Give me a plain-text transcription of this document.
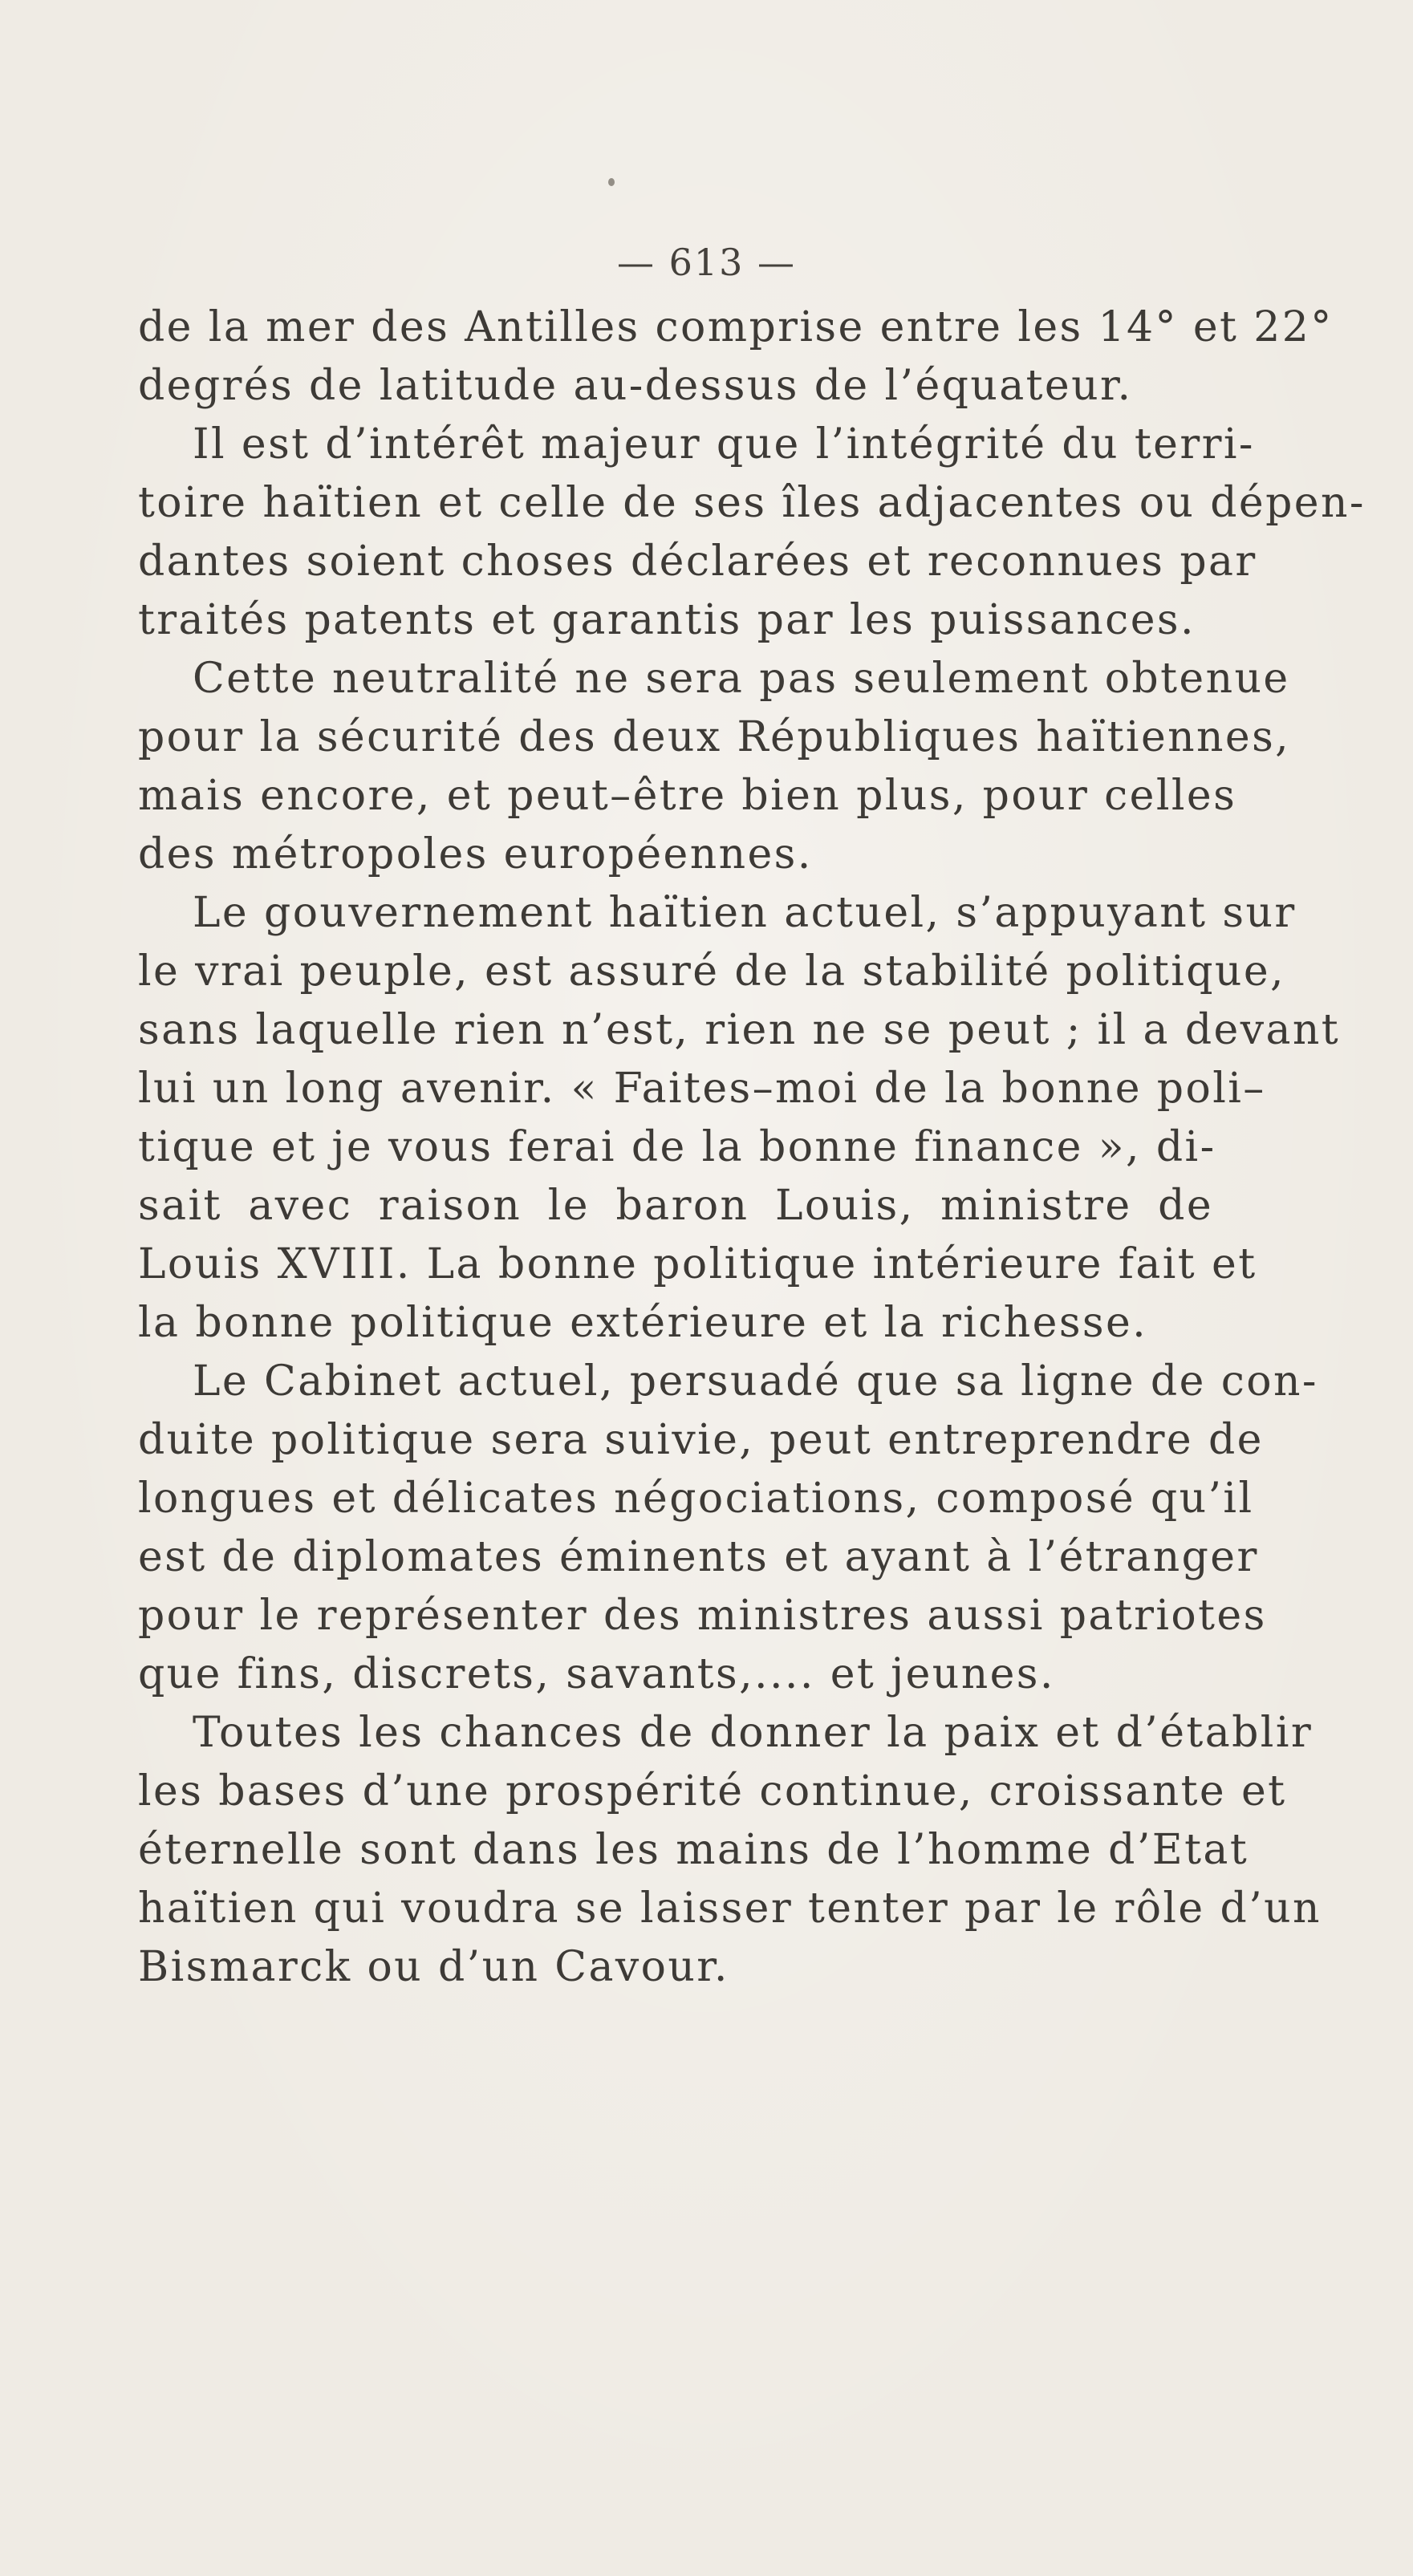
— 613 —
de la mer des Antilles comprise entre les 14° et 22°
degrés de latitude au-dessus de l’équateur.
Il est d’intérêt majeur que l’intégrité du terri-
toire haïtien et celle de ses îles adjacentes ou dépen-
dantes soient choses déclarées et reconnues par
traités patents et garantis par les puissances.
Cette neutralité ne sera pas seulement obtenue
pour la sécurité des deux Républiques haïtiennes,
mais encore, et peut–être bien plus, pour celles
des métropoles européennes.
Le gouvernement haïtien actuel, s’appuyant sur
le vrai peuple, est assuré de la stabilité politique,
sans laquelle rien n’est, rien ne se peut ; il a devant
lui un long avenir. « Faites–moi de la bonne poli–
tique et je vous ferai de la bonne finance », di-
sait avec raison le baron Louis, ministre de
Louis XVIII. La bonne politique intérieure fait et
la bonne politique extérieure et la richesse.
Le Cabinet actuel, persuadé que sa ligne de con-
duite politique sera suivie, peut entreprendre de
longues et délicates négociations, composé qu’il
est de diplomates éminents et ayant à l’étranger
pour le représenter des ministres aussi patriotes
que fins, discrets, savants,.... et jeunes.
Toutes les chances de donner la paix et d’établir
les bases d’une prospérité continue, croissante et
éternelle sont dans les mains de l’homme d’Etat
haïtien qui voudra se laisser tenter par le rôle d’un
Bismarck ou d’un Cavour.
